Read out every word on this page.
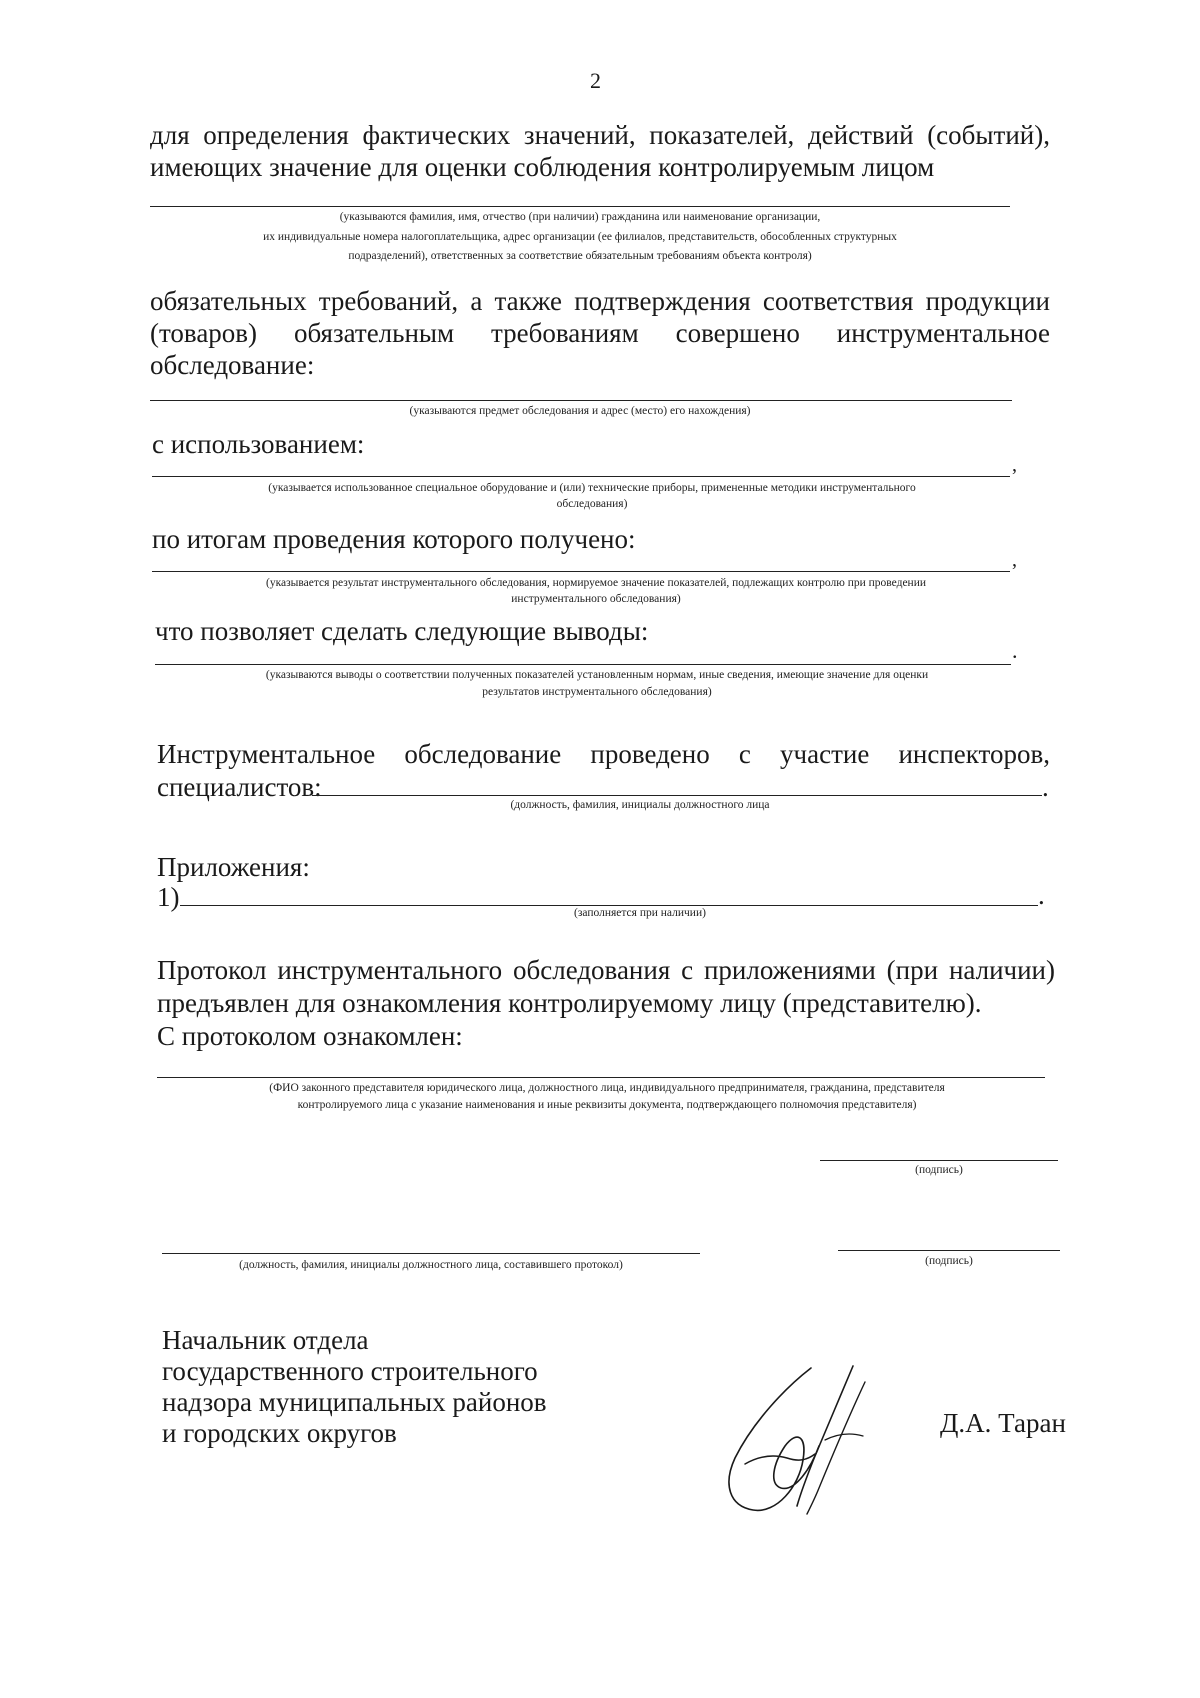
2
для определения фактических значений, показателей, действий (событий),
имеющих значение для оценки соблюдения контролируемым лицом
(указываются фамилия, имя, отчество (при наличии) гражданина или наименование организации,
их индивидуальные номера налогоплательщика, адрес организации (ее филиалов, представительств, обособленных структурных
подразделений), ответственных за соответствие обязательным требованиям объекта контроля)
обязательных требований, а также подтверждения соответствия продукции
(товаров) обязательным требованиям совершено инструментальное
обследование:
(указываются предмет обследования и адрес (место) его нахождения)
с использованием:
,
(указывается использованное специальное оборудование и (или) технические приборы, примененные методики инструментального
обследования)
по итогам проведения которого получено:
,
(указывается результат инструментального обследования, нормируемое значение показателей, подлежащих контролю при проведении
инструментального обследования)
что позволяет сделать следующие выводы:
.
(указываются выводы о соответствии полученных показателей установленным нормам, иные сведения, имеющие значение для оценки
результатов инструментального обследования)
Инструментальное обследование проведено с участие инспекторов,
специалистов:	.
(должность, фамилия, инициалы должностного лица
Приложения:
1)	.
(заполняется при наличии)
Протокол инструментального обследования с приложениями (при наличии)
предъявлен для ознакомления контролируемому лицу (представителю).
С протоколом ознакомлен:
(ФИО законного представителя юридического лица, должностного лица, индивидуального предпринимателя, гражданина, представителя
контролируемого лица с указание наименования и иные реквизиты документа, подтверждающего полномочия представителя)
(подпись)
(должность, фамилия, инициалы должностного лица, составившего протокол)	(подпись)
Начальник отдела
государственного строительного
надзора муниципальных районов
и городских округов	Д.А. Таран
